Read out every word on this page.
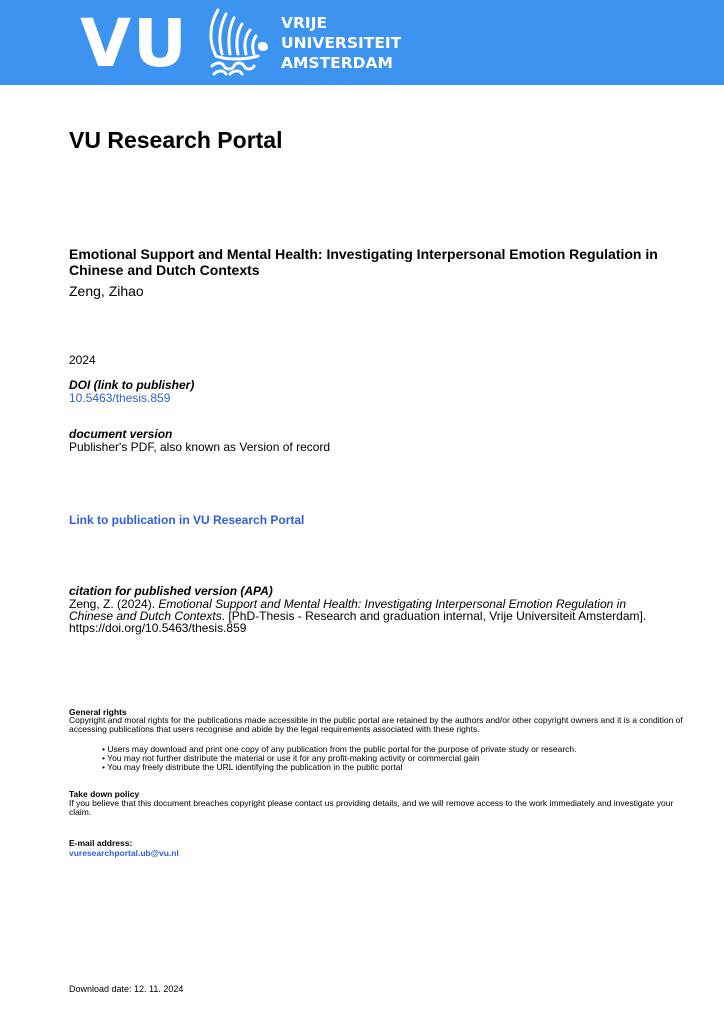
VU	VRIJE
UNIVERSITEIT
AMSTERDAM
VU Research Portal
Emotional Support and Mental Health: Investigating Interpersonal Emotion Regulation in Chinese and Dutch Contexts
Zeng, Zihao
2024
DOI (link to publisher)
10.5463/thesis.859
document version
Publisher's PDF, also known as Version of record
Link to publication in VU Research Portal
citation for published version (APA)
Zeng, Z. (2024). Emotional Support and Mental Health: Investigating Interpersonal Emotion Regulation in Chinese and Dutch Contexts. [PhD-Thesis - Research and graduation internal, Vrije Universiteit Amsterdam]. https://doi.org/10.5463/thesis.859
General rights
Copyright and moral rights for the publications made accessible in the public portal are retained by the authors and/or other copyright owners and it is a condition of accessing publications that users recognise and abide by the legal requirements associated with these rights.
• Users may download and print one copy of any publication from the public portal for the purpose of private study or research.
• You may not further distribute the material or use it for any profit-making activity or commercial gain
• You may freely distribute the URL identifying the publication in the public portal
Take down policy
If you believe that this document breaches copyright please contact us providing details, and we will remove access to the work immediately and investigate your claim.
E-mail address:
vuresearchportal.ub@vu.nl
Download date: 12. 11. 2024
